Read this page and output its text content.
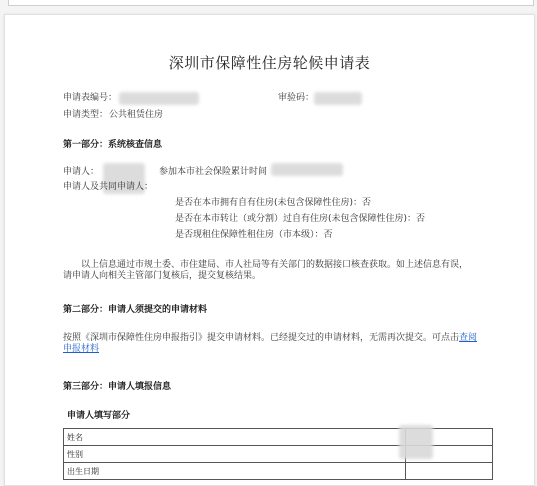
深圳市保障性住房轮候申请表
申请表编号：	审验码：
申请类型： 公共租赁住房
第一部分：系统核查信息
申请人：	参加本市社会保险累计时间
申请人及共同申请人：
是否在本市拥有自有住房(未包含保障性住房)：否
是否在本市转让（或分割）过自有住房(未包含保障性住房)：否
是否现租住保障性租住房（市本级）：否
以上信息通过市规土委、市住建局、市人社局等有关部门的数据接口核查获取。如上述信息有误，请申请人向相关主管部门复核后，提交复核结果。
第二部分：申请人须提交的申请材料
按照《深圳市保障性住房申报指引》提交申请材料。已经提交过的申请材料，无需再次提交。可点击查阅申报材料
第三部分：申请人填报信息
申请人填写部分
姓名	
性别	
出生日期	
